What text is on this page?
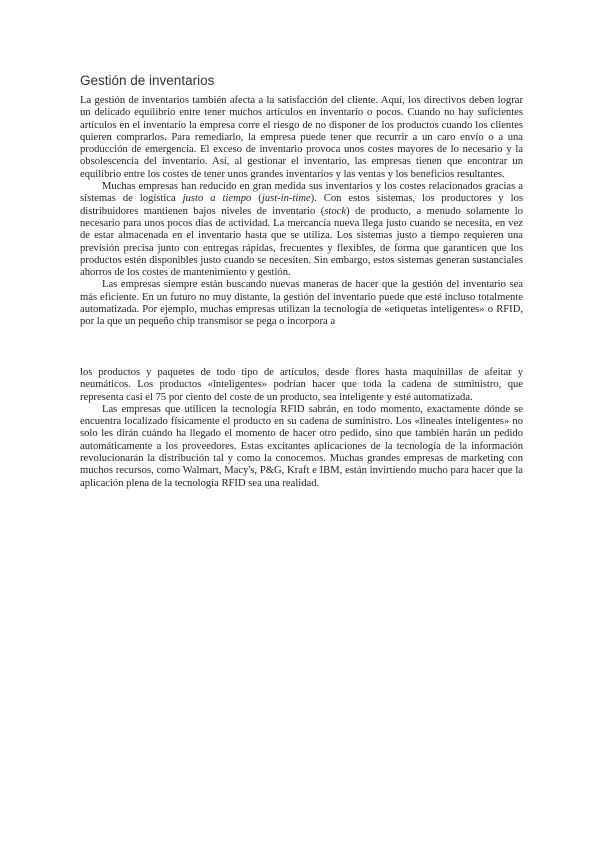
Gestión de inventarios

La gestión de inventarios también afecta a la satisfacción del cliente. Aquí, los directivos deben lograr un delicado equilibrio entre tener muchos artículos en inventario o pocos. Cuando no hay suficientes artículos en el inventario la empresa corre el riesgo de no disponer de los productos cuando los clientes quieren comprarlos. Para remediarlo, la empresa puede tener que recurrir a un caro envío o a una producción de emergencia. El exceso de inventario provoca unos costes mayores de lo necesario y la obsolescencia del inventario. Así, al gestionar el inventario, las empresas tienen que encontrar un equilibrio entre los costes de tener unos grandes inventarios y las ventas y los beneficios resultantes.

Muchas empresas han reducido en gran medida sus inventarios y los costes relacionados gracias a sistemas de logística justo a tiempo (just-in-time). Con estos sistemas, los productores y los distribuidores mantienen bajos niveles de inventario (stock) de producto, a menudo solamente lo necesario para unos pocos días de actividad. La mercancía nueva llega justo cuando se necesita, en vez de estar almacenada en el inventario hasta que se utiliza. Los sistemas justo a tiempo requieren una previsión precisa junto con entregas rápidas, frecuentes y flexibles, de forma que garanticen que los productos estén disponibles justo cuando se necesiten. Sin embargo, estos sistemas generan sustanciales ahorros de los costes de mantenimiento y gestión.

Las empresas siempre están buscando nuevas maneras de hacer que la gestión del inventario sea más eficiente. En un futuro no muy distante, la gestión del inventario puede que esté incluso totalmente automatizada. Por ejemplo, muchas empresas utilizan la tecnología de «etiquetas inteligentes» o RFID, por la que un pequeño chip transmisor se pega o incorpora a

los productos y paquetes de todo tipo de artículos, desde flores hasta maquinillas de afeitar y neumáticos. Los productos «inteligentes» podrían hacer que toda la cadena de suministro, que representa casi el 75 por ciento del coste de un producto, sea inteligente y esté automatizada.

Las empresas que utilicen la tecnología RFID sabrán, en todo momento, exactamente dónde se encuentra localizado físicamente el producto en su cadena de suministro. Los «lineales inteligentes» no solo les dirán cuándo ha llegado el momento de hacer otro pedido, sino que también harán un pedido automáticamente a los proveedores. Estas excitantes aplicaciones de la tecnología de la información revolucionarán la distribución tal y como la conocemos. Muchas grandes empresas de marketing con muchos recursos, como Walmart, Macy's, P&G, Kraft e IBM, están invirtiendo mucho para hacer que la aplicación plena de la tecnología RFID sea una realidad.
